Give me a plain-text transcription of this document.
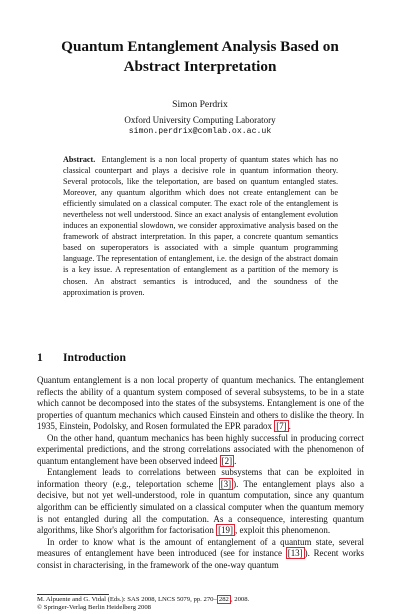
Quantum Entanglement Analysis Based on
Abstract Interpretation
Simon Perdrix
Oxford University Computing Laboratory
simon.perdrix@comlab.ox.ac.uk

Abstract. Entanglement is a non local property of quantum states which has no classical counterpart and plays a decisive role in quantum information theory. Several protocols, like the teleportation, are based on quantum entangled states. Moreover, any quantum algorithm which does not create entanglement can be efficiently simulated on a classical computer. The exact role of the entanglement is nevertheless not well understood. Since an exact analysis of entanglement evolution induces an exponential slowdown, we consider approximative analysis based on the framework of abstract interpretation. In this paper, a concrete quantum semantics based on superoperators is associated with a simple quantum programming language. The representation of entanglement, i.e. the design of the abstract domain is a key issue. A representation of entanglement as a partition of the memory is chosen. An abstract semantics is introduced, and the soundness of the approximation is proven.

1 Introduction

Quantum entanglement is a non local property of quantum mechanics. The entanglement reflects the ability of a quantum system composed of several subsystems, to be in a state which cannot be decomposed into the states of the subsystems. Entanglement is one of the properties of quantum mechanics which caused Einstein and others to dislike the theory. In 1935, Einstein, Podolsky, and Rosen formulated the EPR paradox [7] .

On the other hand, quantum mechanics has been highly successful in producing correct experimental predictions, and the strong correlations associated with the phenomenon of quantum entanglement have been observed indeed [2] .

Entanglement leads to correlations between subsystems that can be exploited in information theory (e.g., teleportation scheme [3] ). The entanglement plays also a decisive, but not yet well-understood, role in quantum computation, since any quantum algorithm can be efficiently simulated on a classical computer when the quantum memory is not entangled during all the computation. As a consequence, interesting quantum algorithms, like Shor's algorithm for factorisation [19] , exploit this phenomenon.

In order to know what is the amount of entanglement of a quantum state, several measures of entanglement have been introduced (see for instance [13] ). Recent works consist in characterising, in the framework of the one-way quantum

M. Alpuente and G. Vidal (Eds.): SAS 2008, LNCS 5079, pp. 270– 282 , 2008.
© Springer-Verlag Berlin Heidelberg 2008
